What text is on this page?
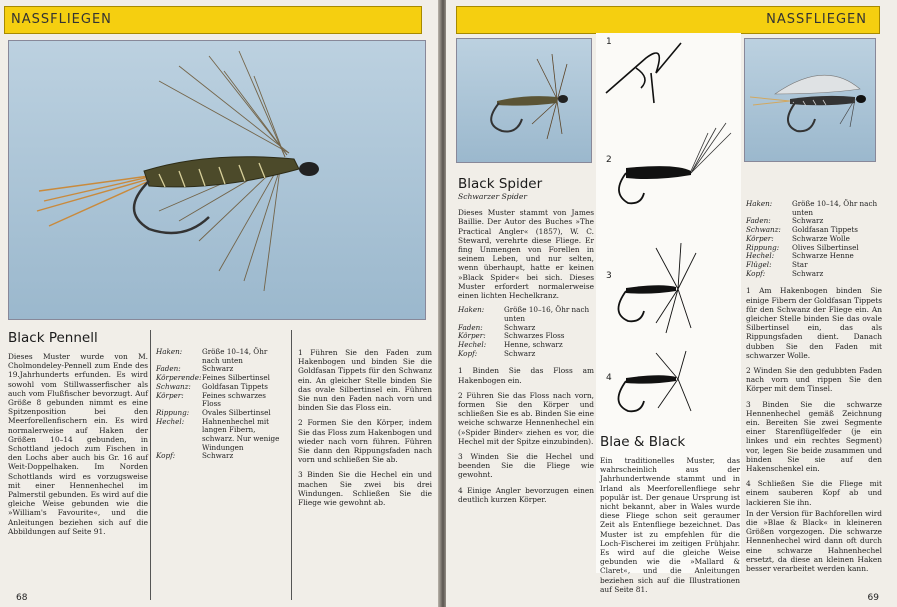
NASSFLIEGEN
Black Pennell

Dieses Muster wurde von M. Cholmondeley-Pennell zum Ende des 19.Jahrhunderts erfunden. Es wird sowohl vom Stillwasserfischer als auch vom Flußfischer bevorzugt. Auf Größe 8 gebunden nimmt es eine Spitzenposition bei den Meerforellenfischern ein. Es wird normalerweise auf Haken der Größen 10–14 gebunden, in Schottland jedoch zum Fischen in den Lochs aber auch bis Gr. 16 auf Weit-Doppelhaken. Im Norden Schottlands wird es vorzugsweise mit einer Hennenhechel im Palmerstil gebunden. Es wird auf die gleiche Weise gebunden wie die »William's Favourite«, und die Anleitungen beziehen sich auf die Abbildungen auf Seite 91.

Haken:	Größe 10–14, Öhr nach unten
Faden:	Schwarz
Körperende: Feines Silbertinsel
Schwanz:	Goldfasan Tippets
Körper:	Feines schwarzes Floss
Rippung:	Ovales Silbertinsel
Hechel:	Hahnenhechel mit langen Fibern, schwarz. Nur wenige Windungen
Kopf:	Schwarz

1 Führen Sie den Faden zum Hakenbogen und binden Sie die Goldfasan Tippets für den Schwanz ein. An gleicher Stelle binden Sie das ovale Silbertinsel ein. Führen Sie nun den Faden nach vorn und binden Sie das Floss ein.

2 Formen Sie den Körper, indem Sie das Floss zum Hakenbogen und wieder nach vorn führen. Führen Sie dann den Rippungsfaden nach vorn und schließen Sie ab.

3 Binden Sie die Hechel ein und machen Sie zwei bis drei Windungen. Schließen Sie die Fliege wie gewohnt ab.

68
NASSFLIEGEN
Black Spider
Schwarzer Spider

Dieses Muster stammt von James Baillie. Der Autor des Buches »The Practical Angler« (1857), W. C. Steward, verehrte diese Fliege. Er fing Unmengen von Forellen in seinem Leben, und nur selten, wenn überhaupt, hatte er keinen »Black Spider« bei sich. Dieses Muster erfordert normalerweise einen lichten Hechelkranz.

Haken:	Größe 10–16, Öhr nach unten
Faden:	Schwarz
Körper:	Schwarzes Floss
Hechel:	Henne, schwarz
Kopf:	Schwarz

1 Binden Sie das Floss am Hakenbogen ein.

2 Führen Sie das Floss nach vorn, formen Sie den Körper und schließen Sie es ab. Binden Sie eine weiche schwarze Hennenhechel ein (»Spider Binder« ziehen es vor, die Hechel mit der Spitze einzubinden).

3 Winden Sie die Hechel und beenden Sie die Fliege wie gewohnt.

4 Einige Angler bevorzugen einen deutlich kurzen Körper.

1
2
3
4
Blae & Black

Ein traditionelles Muster, das wahrscheinlich aus der Jahrhundertwende stammt und in Irland als Meerforellenfliege sehr populär ist. Der genaue Ursprung ist nicht bekannt, aber in Wales wurde diese Fliege schon seit geraumer Zeit als Entenfliege bezeichnet. Das Muster ist zu empfehlen für die Loch-Fischerei im zeitigen Frühjahr. Es wird auf die gleiche Weise gebunden wie die »Mallard & Claret«, und die Anleitungen beziehen sich auf die Illustrationen auf Seite 81.

Haken:	Größe 10–14, Öhr nach unten
Faden:	Schwarz
Schwanz:	Goldfasan Tippets
Körper:	Schwarze Wolle
Rippung:	Olives Silbertinsel
Hechel:	Schwarze Henne
Flügel:	Star
Kopf:	Schwarz

1 Am Hakenbogen binden Sie einige Fibern der Goldfasan Tippets für den Schwanz der Fliege ein. An gleicher Stelle binden Sie das ovale Silbertinsel ein, das als Rippungsfaden dient. Danach dubben Sie den Faden mit schwarzer Wolle.

2 Winden Sie den gedubbten Faden nach vorn und rippen Sie den Körper mit dem Tinsel.

3 Binden Sie die schwarze Hennenhechel gemäß Zeichnung ein. Bereiten Sie zwei Segmente einer Starenflügelfeder (je ein linkes und ein rechtes Segment) vor, legen Sie beide zusammen und binden Sie sie auf den Hakenschenkel ein.

4 Schließen Sie die Fliege mit einem sauberen Kopf ab und lackieren Sie ihn.

In der Version für Bachforellen wird die »Blae & Black« in kleineren Größen vorgezogen. Die schwarze Hennenhechel wird dann oft durch eine schwarze Hahnenhechel ersetzt, da diese an kleinen Haken besser verarbeitet werden kann.

69
